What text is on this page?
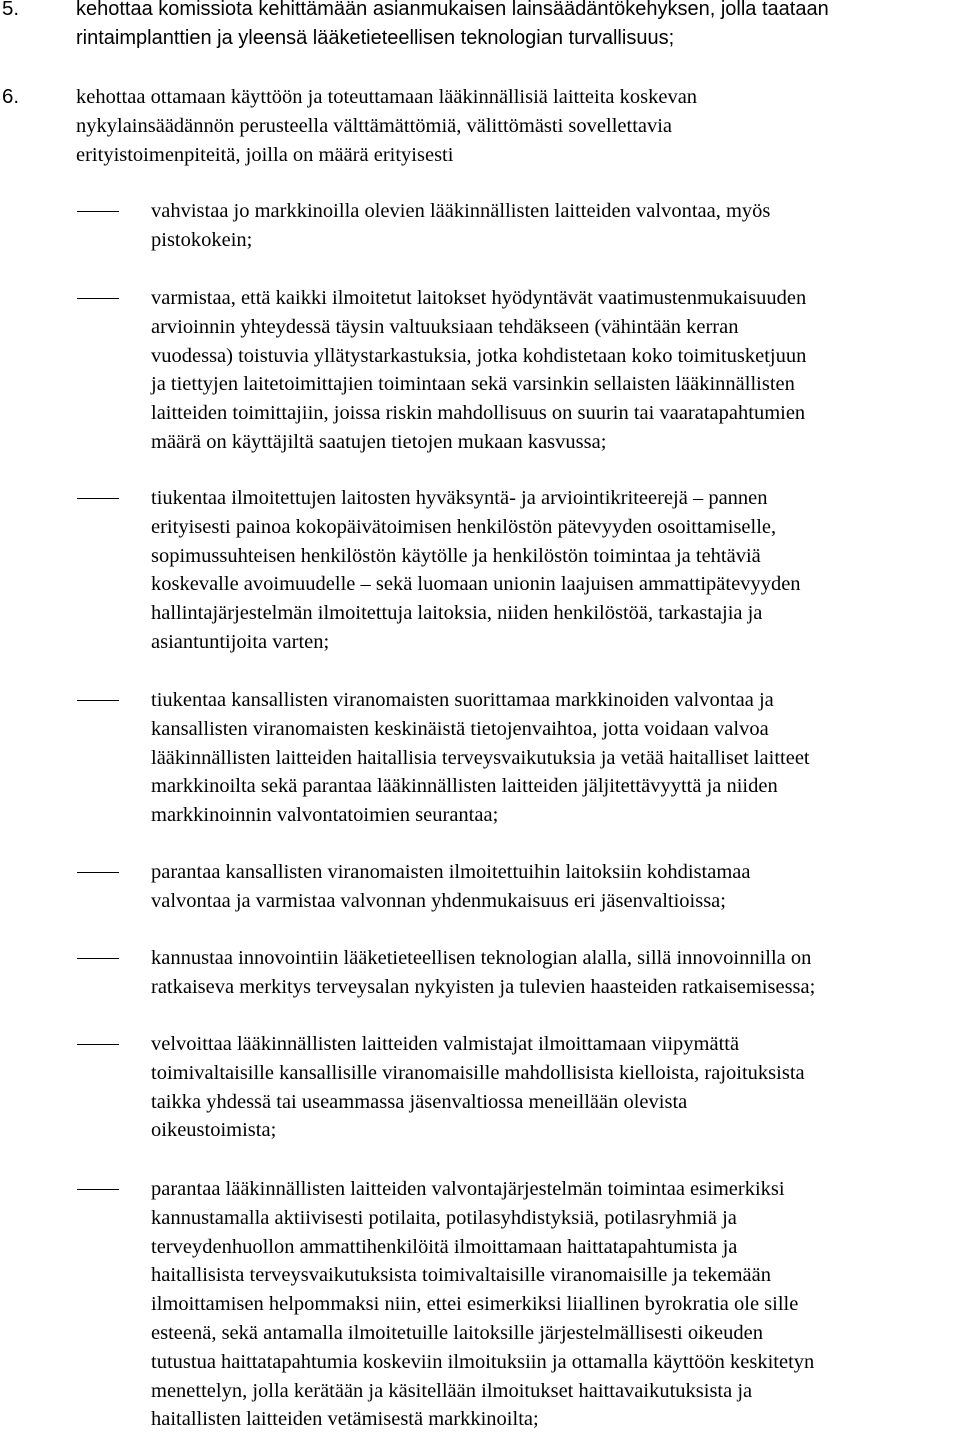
5.	kehottaa komissiota kehittämään asianmukaisen lainsäädäntökehyksen, jolla taataan
rintaimplanttien ja yleensä lääketieteellisen teknologian turvallisuus;
6.	kehottaa ottamaan käyttöön ja toteuttamaan lääkinnällisiä laitteita koskevan
nykylainsäädännön perusteella välttämättömiä, välittömästi sovellettavia
erityistoimenpiteitä, joilla on määrä erityisesti
vahvistaa jo markkinoilla olevien lääkinnällisten laitteiden valvontaa, myös
pistokokein;
varmistaa, että kaikki ilmoitetut laitokset hyödyntävät vaatimustenmukaisuuden
arvioinnin yhteydessä täysin valtuuksiaan tehdäkseen (vähintään kerran
vuodessa) toistuvia yllätystarkastuksia, jotka kohdistetaan koko toimitusketjuun
ja tiettyjen laitetoimittajien toimintaan sekä varsinkin sellaisten lääkinnällisten
laitteiden toimittajiin, joissa riskin mahdollisuus on suurin tai vaaratapahtumien
määrä on käyttäjiltä saatujen tietojen mukaan kasvussa;
tiukentaa ilmoitettujen laitosten hyväksyntä- ja arviointikriteerejä – pannen
erityisesti painoa kokopäivätoimisen henkilöstön pätevyyden osoittamiselle,
sopimussuhteisen henkilöstön käytölle ja henkilöstön toimintaa ja tehtäviä
koskevalle avoimuudelle – sekä luomaan unionin laajuisen ammattipätevyyden
hallintajärjestelmän ilmoitettuja laitoksia, niiden henkilöstöä, tarkastajia ja
asiantuntijoita varten;
tiukentaa kansallisten viranomaisten suorittamaa markkinoiden valvontaa ja
kansallisten viranomaisten keskinäistä tietojenvaihtoa, jotta voidaan valvoa
lääkinnällisten laitteiden haitallisia terveysvaikutuksia ja vetää haitalliset laitteet
markkinoilta sekä parantaa lääkinnällisten laitteiden jäljitettävyyttä ja niiden
markkinoinnin valvontatoimien seurantaa;
parantaa kansallisten viranomaisten ilmoitettuihin laitoksiin kohdistamaa
valvontaa ja varmistaa valvonnan yhdenmukaisuus eri jäsenvaltioissa;
kannustaa innovointiin lääketieteellisen teknologian alalla, sillä innovoinnilla on
ratkaiseva merkitys terveysalan nykyisten ja tulevien haasteiden ratkaisemisessa;
velvoittaa lääkinnällisten laitteiden valmistajat ilmoittamaan viipymättä
toimivaltaisille kansallisille viranomaisille mahdollisista kielloista, rajoituksista
taikka yhdessä tai useammassa jäsenvaltiossa meneillään olevista
oikeustoimista;
parantaa lääkinnällisten laitteiden valvontajärjestelmän toimintaa esimerkiksi
kannustamalla aktiivisesti potilaita, potilasyhdistyksiä, potilasryhmiä ja
terveydenhuollon ammattihenkilöitä ilmoittamaan haittatapahtumista ja
haitallisista terveysvaikutuksista toimivaltaisille viranomaisille ja tekemään
ilmoittamisen helpommaksi niin, ettei esimerkiksi liiallinen byrokratia ole sille
esteenä, sekä antamalla ilmoitetuille laitoksille järjestelmällisesti oikeuden
tutustua haittatapahtumia koskeviin ilmoituksiin ja ottamalla käyttöön keskitetyn
menettelyn, jolla kerätään ja käsitellään ilmoitukset haittavaikutuksista ja
haitallisten laitteiden vetämisestä markkinoilta;
